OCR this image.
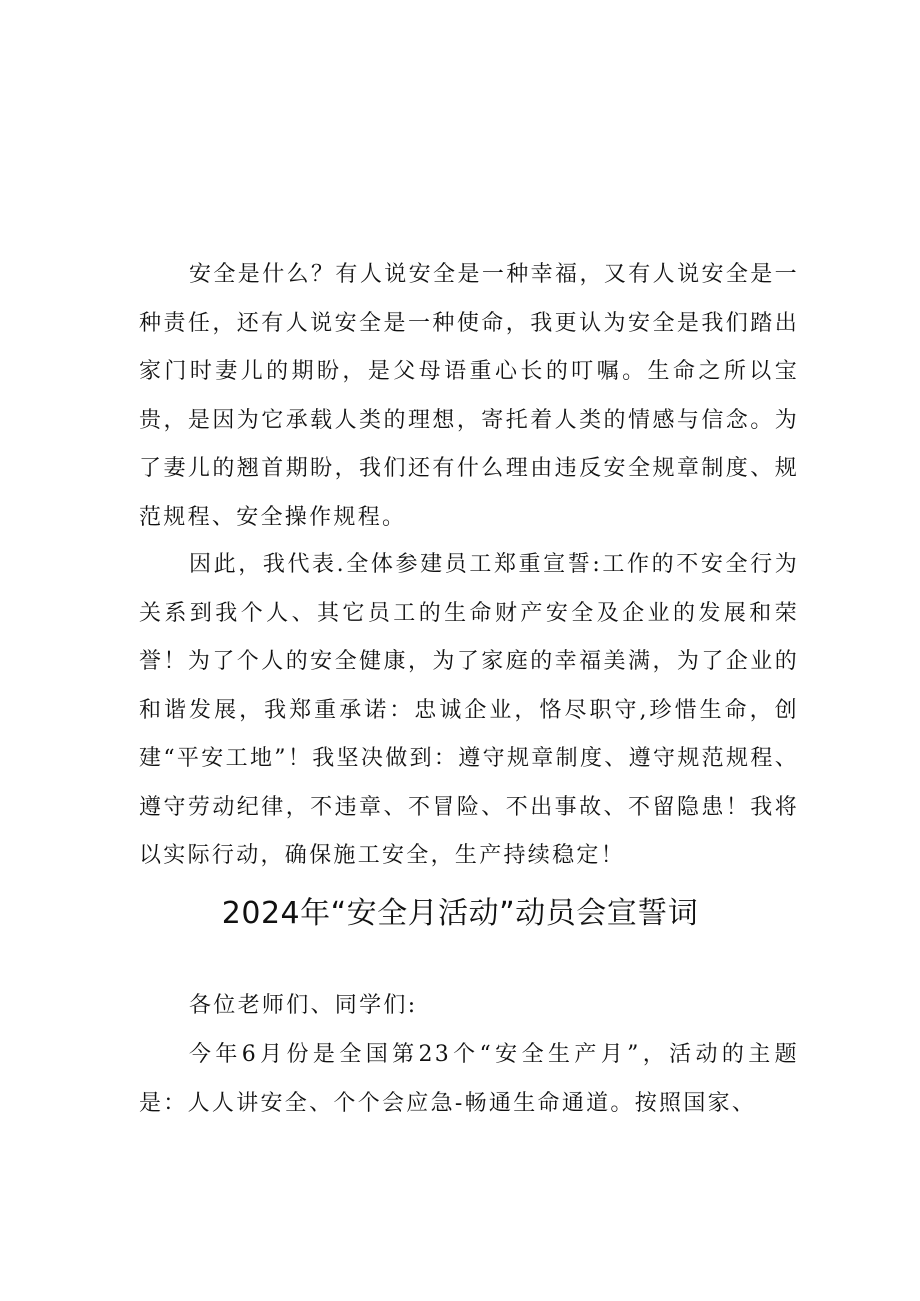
安全是什么？有人说安全是一种幸福，又有人说安全是一种责任，还有人说安全是一种使命，我更认为安全是我们踏出家门时妻儿的期盼，是父母语重心长的叮嘱。生命之所以宝贵，是因为它承载人类的理想，寄托着人类的情感与信念。为了妻儿的翘首期盼，我们还有什么理由违反安全规章制度、规范规程、安全操作规程。

因此，我代表.全体参建员工郑重宣誓:工作的不安全行为关系到我个人、其它员工的生命财产安全及企业的发展和荣誉！为了个人的安全健康，为了家庭的幸福美满，为了企业的和谐发展，我郑重承诺：忠诚企业，恪尽职守,珍惜生命，创建“平安工地”！我坚决做到：遵守规章制度、遵守规范规程、遵守劳动纪律，不违章、不冒险、不出事故、不留隐患！我将以实际行动，确保施工安全，生产持续稳定！

2024年“安全月活动”动员会宣誓词

各位老师们、同学们:

今年6月份是全国第23个“安全生产月”，活动的主题是：人人讲安全、个个会应急-畅通生命通道。按照国家、
